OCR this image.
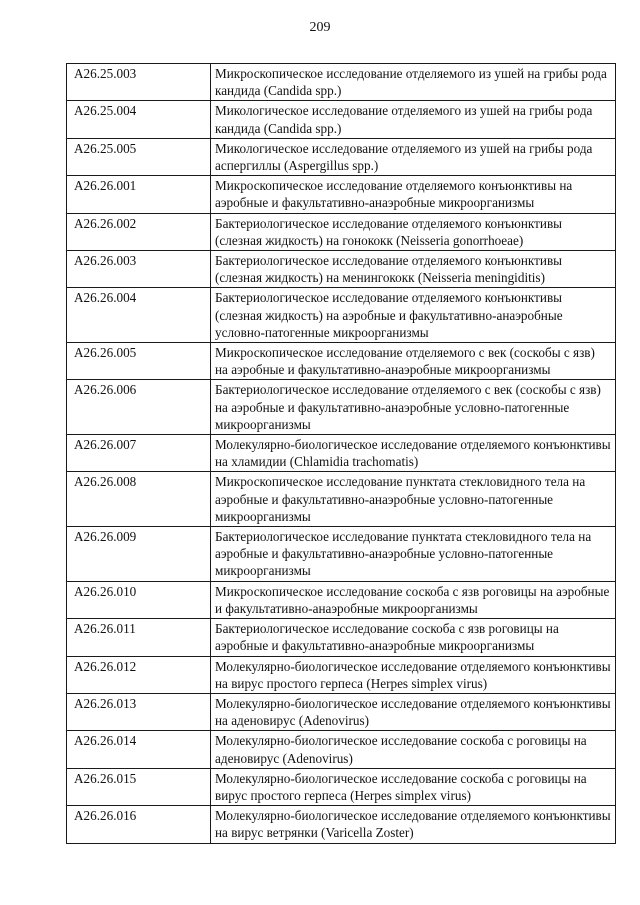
209
A26.25.003	Микроскопическое исследование отделяемого из ушей на грибы рода кандида (Candida spp.)
A26.25.004	Микологическое исследование отделяемого из ушей на грибы рода кандида (Candida spp.)
A26.25.005	Микологическое исследование отделяемого из ушей на грибы рода аспергиллы (Aspergillus spp.)
A26.26.001	Микроскопическое исследование отделяемого конъюнктивы на аэробные и факультативно-анаэробные микроорганизмы
A26.26.002	Бактериологическое исследование отделяемого конъюнктивы (слезная жидкость) на гонококк (Neisseria gonorrhoeae)
A26.26.003	Бактериологическое исследование отделяемого конъюнктивы (слезная жидкость) на менингококк (Neisseria meningiditis)
A26.26.004	Бактериологическое исследование отделяемого конъюнктивы (слезная жидкость) на аэробные и факультативно-анаэробные условно-патогенные микроорганизмы
A26.26.005	Микроскопическое исследование отделяемого с век (соскобы с язв) на аэробные и факультативно-анаэробные микроорганизмы
A26.26.006	Бактериологическое исследование отделяемого с век (соскобы с язв) на аэробные и факультативно-анаэробные условно-патогенные микроорганизмы
A26.26.007	Молекулярно-биологическое исследование отделяемого конъюнктивы на хламидии (Chlamidia trachomatis)
A26.26.008	Микроскопическое исследование пунктата стекловидного тела на аэробные и факультативно-анаэробные условно-патогенные микроорганизмы
A26.26.009	Бактериологическое исследование пунктата стекловидного тела на аэробные и факультативно-анаэробные условно-патогенные микроорганизмы
A26.26.010	Микроскопическое исследование соскоба с язв роговицы на аэробные и факультативно-анаэробные микроорганизмы
A26.26.011	Бактериологическое исследование соскоба с язв роговицы на аэробные и факультативно-анаэробные микроорганизмы
A26.26.012	Молекулярно-биологическое исследование отделяемого конъюнктивы на вирус простого герпеса (Herpes simplex virus)
A26.26.013	Молекулярно-биологическое исследование отделяемого конъюнктивы на аденовирус (Adenovirus)
A26.26.014	Молекулярно-биологическое исследование соскоба с роговицы на аденовирус (Adenovirus)
A26.26.015	Молекулярно-биологическое исследование соскоба с роговицы на вирус простого герпеса (Herpes simplex virus)
A26.26.016	Молекулярно-биологическое исследование отделяемого конъюнктивы на вирус ветрянки (Varicella Zoster)
